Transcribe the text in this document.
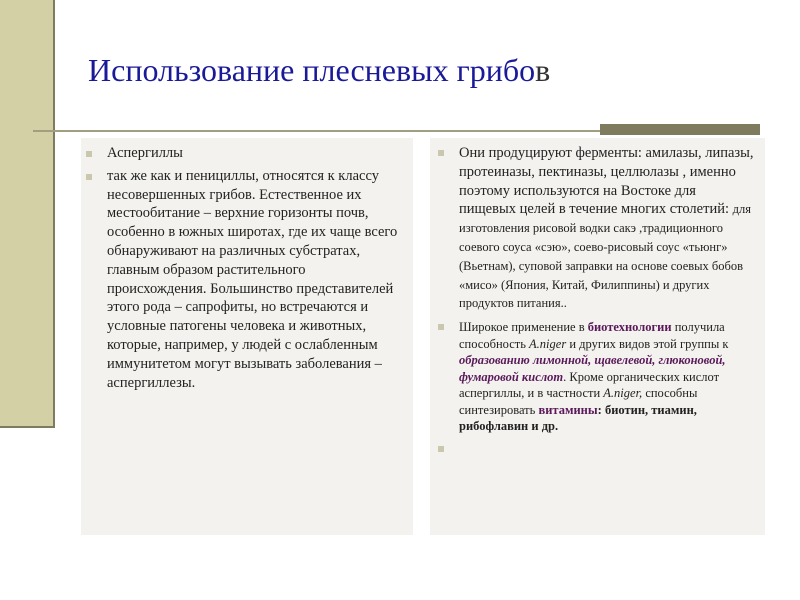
Использование плесневых грибов
Аспергиллы
так же как и пенициллы, относятся к классу несовершенных грибов. Естественное их местообитание – верхние горизонты почв, особенно в южных широтах, где их чаще всего обнаруживают на различных субстратах, главным образом растительного происхождения. Большинство представителей этого рода – сапрофиты, но встречаются и условные патогены человека и животных, которые, например, у людей с ослабленным иммунитетом могут вызывать заболевания – аспергиллезы.
Они продуцируют ферменты: амилазы, липазы, протеиназы, пектиназы, целлюлазы , именно поэтому используются на Востоке для пищевых целей в течение многих столетий: для изготовления рисовой водки сакэ ,традиционного соевого соуса «сэю», соево-рисовый соус «тьюнг» (Вьетнам), суповой заправки на основе соевых бобов «мисо» (Япония, Китай, Филиппины) и других продуктов питания..
Широкое применение в биотехнологии получила способность A.niger и других видов этой группы к образованию лимонной, щавелевой, глюконовой, фумаровой кислот. Кроме органических кислот аспергиллы, и в частности A.niger, способны синтезировать витамины: биотин, тиамин, рибофлавин и др.
